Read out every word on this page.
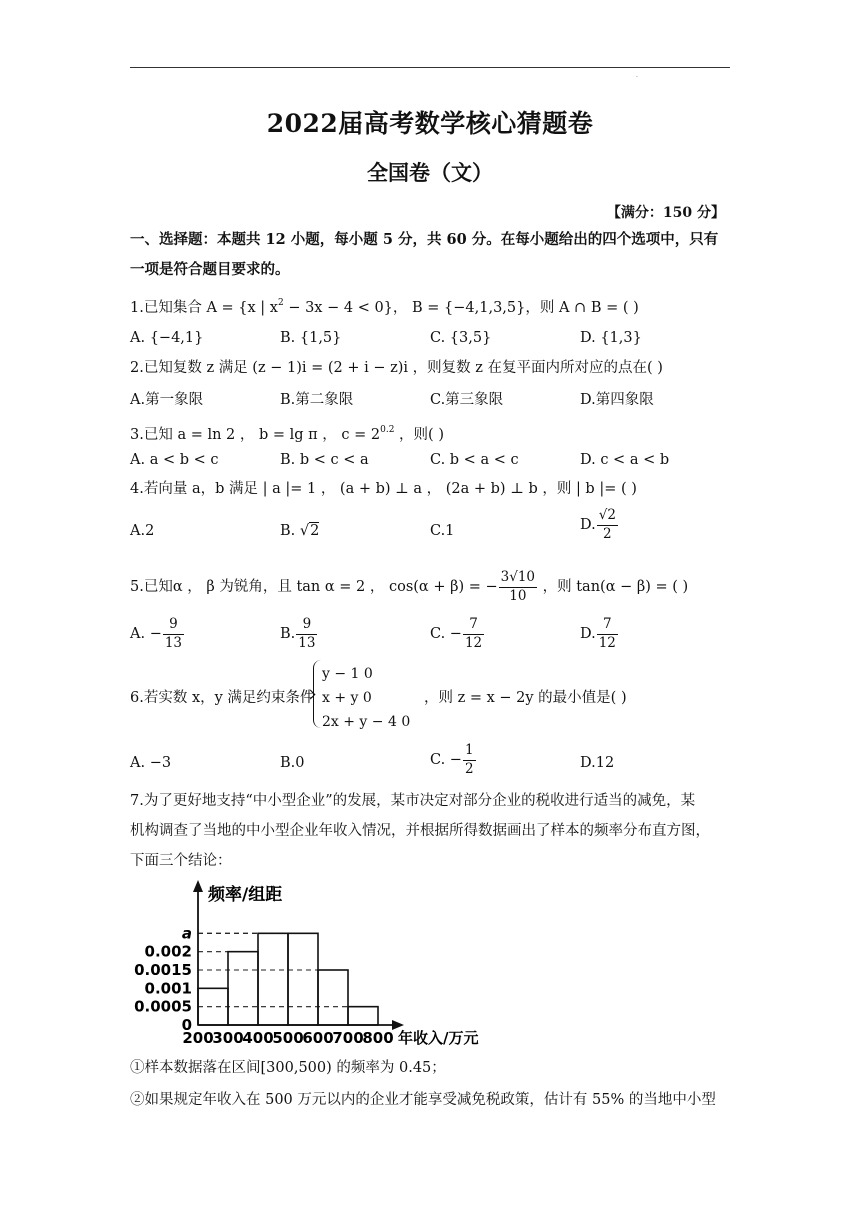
.
2022届高考数学核心猜题卷
全国卷（文）
【满分：150 分】
一、选择题：本题共 12 小题，每小题 5 分，共 60 分。在每小题给出的四个选项中，只有
一项是符合题目要求的。
1.已知集合 A = {x | $x^2 - 3x - 4 < 0$}， B = {−4,1,3,5}，则 A ∩ B = ( )
A. {−4,1}	B. {1,5}	C. {3,5}	D. {1,3}
2.已知复数 z 满足 (z − 1)i = (2 + i − z)i ，则复数 z 在复平面内所对应的点在( )
A.第一象限	B.第二象限	C.第三象限	D.第四象限
3.已知 a = ln 2 ， b = lg π ， $c = 2^{0.2}$ ，则( )
A. a < b < c	B. b < c < a	C. b < a < c	D. c < a < b
4.若向量 a，b 满足 | a |= 1 ， (a + b) ⊥ a ， (2a + b) ⊥ b ，则 | b |= ( )
A.2	B. √2	C.1	D. $\frac{√2}{2}$
5.已知α ， β 为锐角，且 tan α = 2 ， cos(α + β) = − $\frac{3√10}{10}$ ，则 tan(α − β) = ( )
A. − $\frac{9}{13}$	B. $\frac{9}{13}$	C. − $\frac{7}{12}$	D. $\frac{7}{12}$
6.若实数 x，y 满足约束条件
y − 1 0
x + y 0
2x + y − 4 0
，则 z = x − 2y 的最小值是( )
A. −3	B.0	C. − $\frac{1}{2}$	D.12
7.为了更好地支持“中小型企业”的发展，某市决定对部分企业的税收进行适当的减免，某
机构调查了当地的中小型企业年收入情况，并根据所得数据画出了样本的频率分布直方图，
下面三个结论：
0
0.0005
0.001
0.0015
0.002
a
200
300
400
500
600
700
800
频率/组距
年收入/万元
①样本数据落在区间[300,500) 的频率为 0.45；
②如果规定年收入在 500 万元以内的企业才能享受减免税政策，估计有 55% 的当地中小型
